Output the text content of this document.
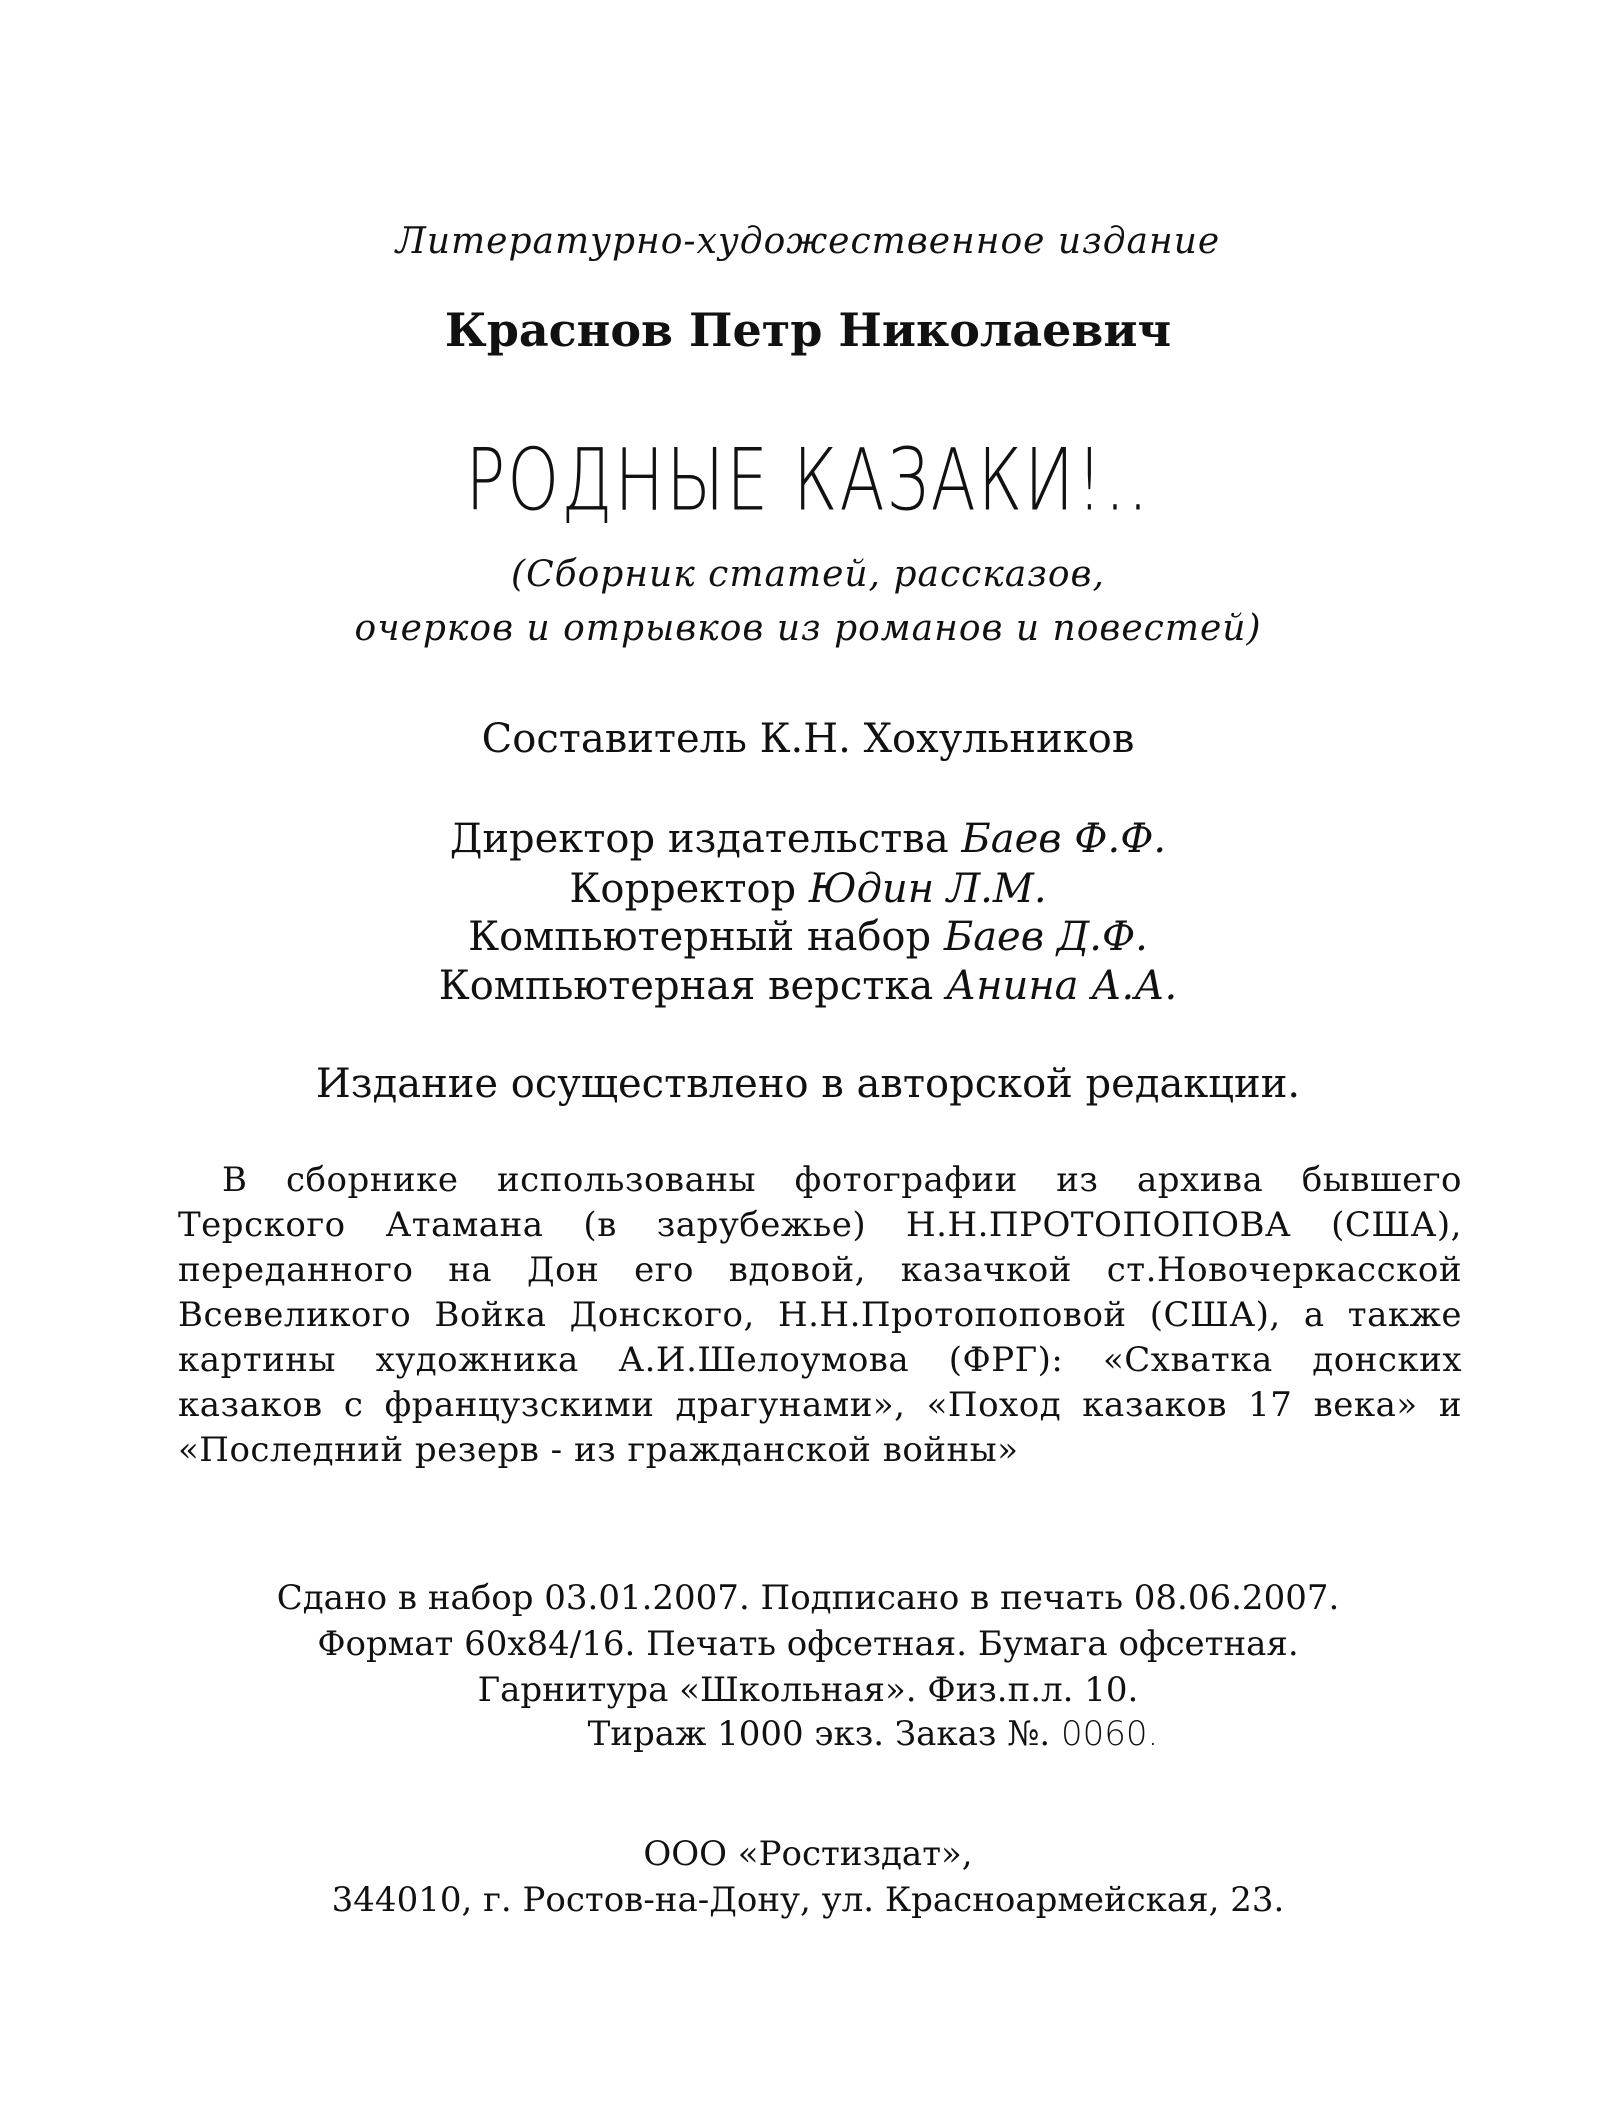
Литературно-художественное издание
Краснов Петр Николаевич
РОДНЫЕ КАЗАКИ!..
(Сборник статей, рассказов,
очерков и отрывков из романов и повестей)
Составитель К.Н. Хохульников
Директор издательства Баев Ф.Ф.
Корректор Юдин Л.М.
Компьютерный набор Баев Д.Ф.
Компьютерная верстка Анина А.А.
Издание осуществлено в авторской редакции.
В сборнике использованы фотографии из архива бывшего Терского Атамана (в зарубежье) Н.Н.ПРОТОПОПОВА (США), переданного на Дон его вдовой, казачкой ст.Новочеркасской Всевеликого Войка Донского, Н.Н.Протопоповой (США), а также картины художника А.И.Шелоумова (ФРГ): «Схватка донских казаков с французскими драгунами», «Поход казаков 17 века» и «Последний резерв - из гражданской войны»
Сдано в набор 03.01.2007. Подписано в печать 08.06.2007.
Формат 60x84/16. Печать офсетная. Бумага офсетная.
Гарнитура «Школьная». Физ.п.л. 10.
Тираж 1000 экз. Заказ №. 0060.
ООО «Ростиздат»,
344010, г. Ростов-на-Дону, ул. Красноармейская, 23.
